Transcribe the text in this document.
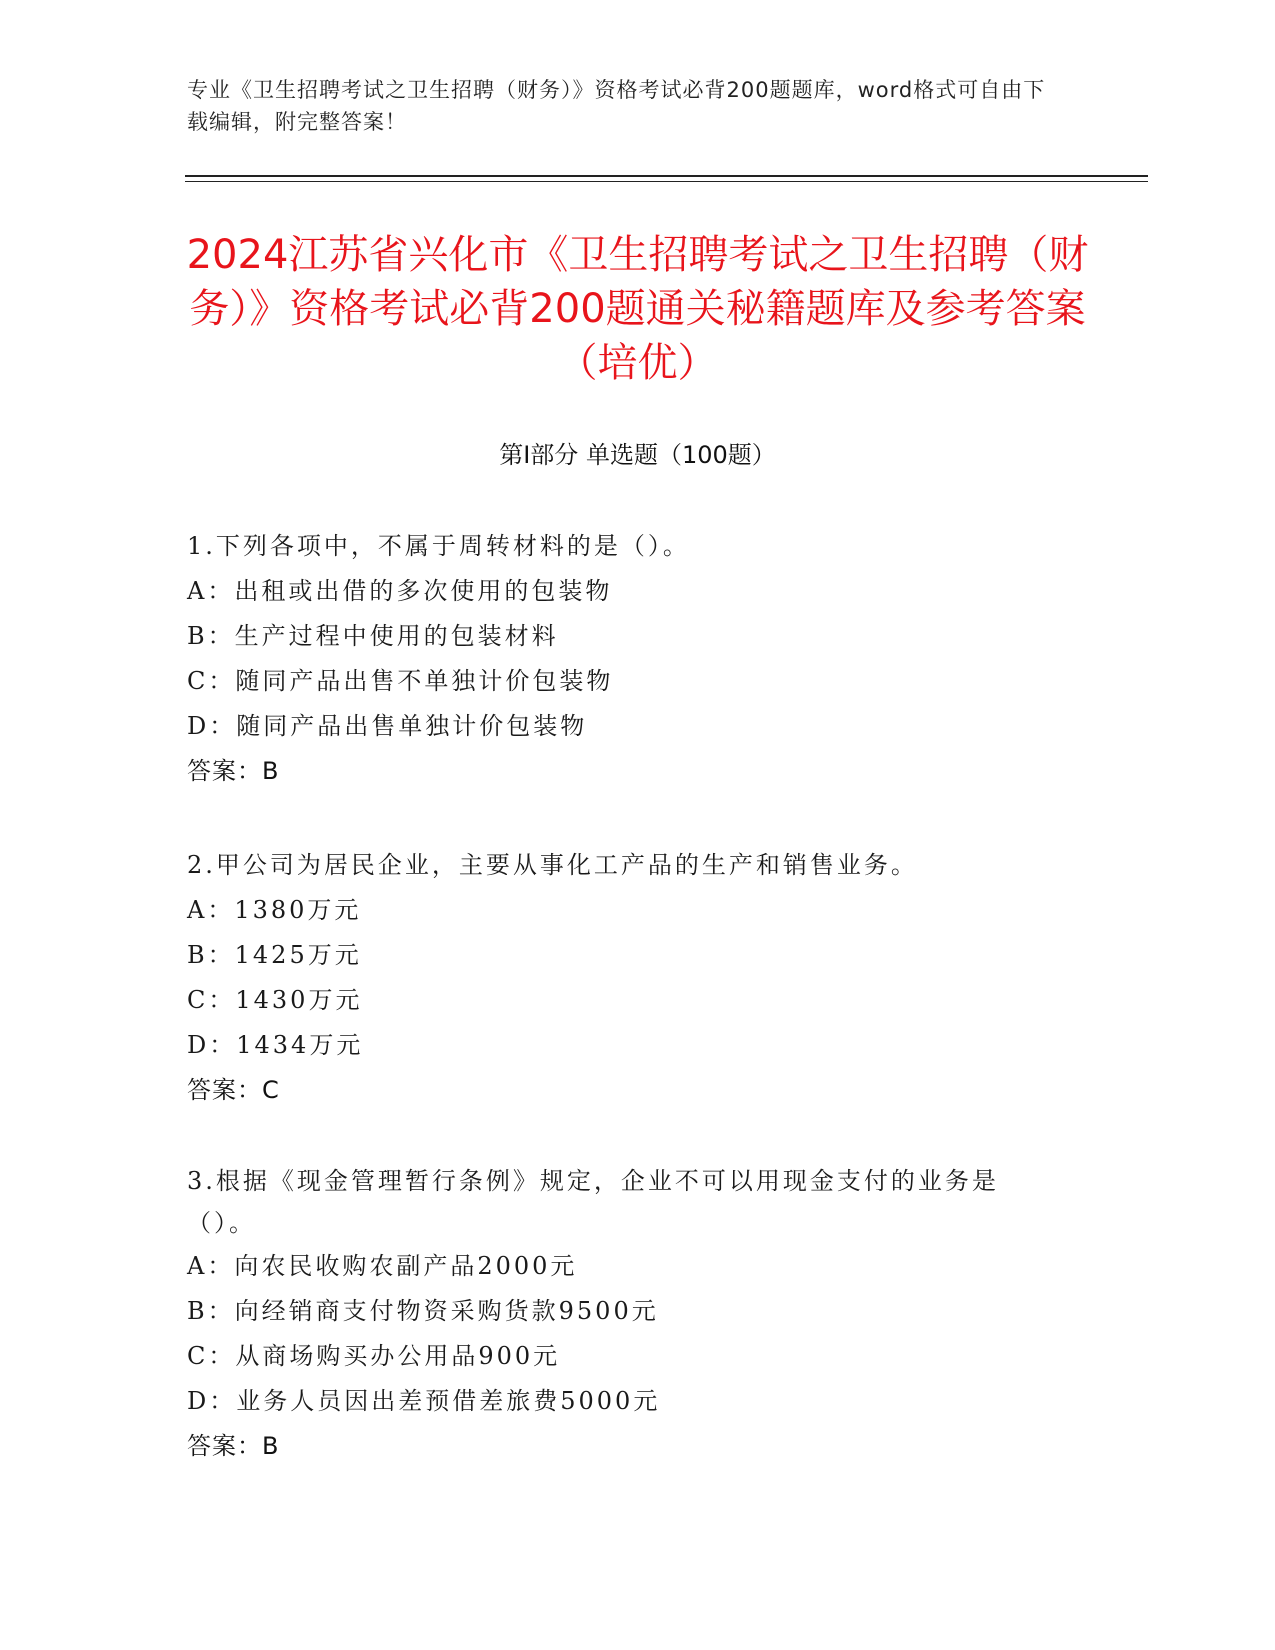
专业《卫生招聘考试之卫生招聘（财务）》资格考试必背200题题库，word格式可自由下载编辑，附完整答案！
2024江苏省兴化市《卫生招聘考试之卫生招聘（财务）》资格考试必背200题通关秘籍题库及参考答案（培优）
第I部分 单选题（100题）
1.下列各项中，不属于周转材料的是（）。
A：出租或出借的多次使用的包装物
B：生产过程中使用的包装材料
C：随同产品出售不单独计价包装物
D：随同产品出售单独计价包装物
答案：B
2.甲公司为居民企业，主要从事化工产品的生产和销售业务。
A：1380万元
B：1425万元
C：1430万元
D：1434万元
答案：C
3.根据《现金管理暂行条例》规定，企业不可以用现金支付的业务是（）。
A：向农民收购农副产品2000元
B：向经销商支付物资采购货款9500元
C：从商场购买办公用品900元
D：业务人员因出差预借差旅费5000元
答案：B
